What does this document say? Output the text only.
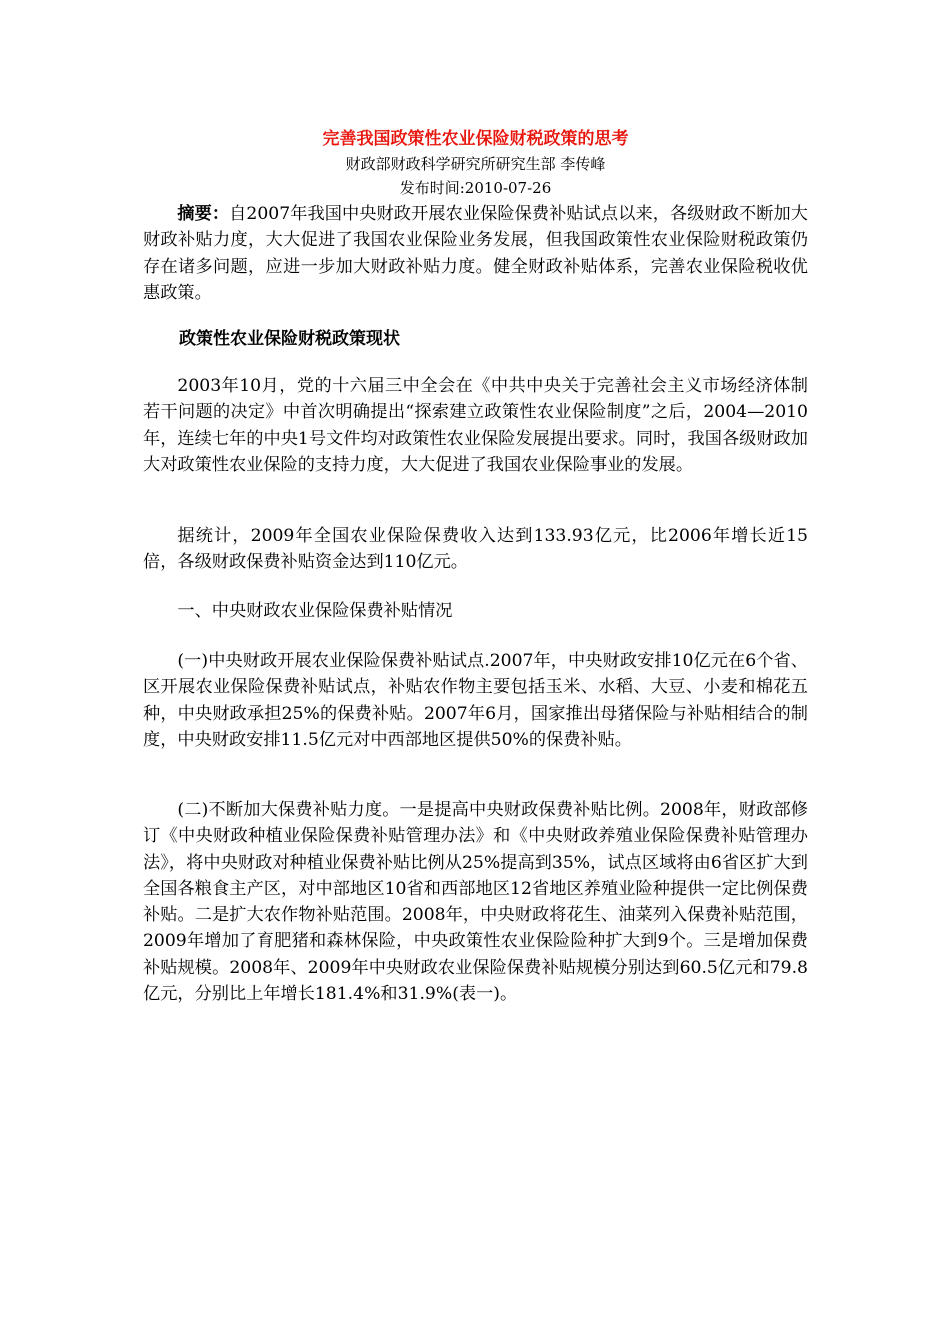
完善我国政策性农业保险财税政策的思考
财政部财政科学研究所研究生部 李传峰
发布时间:2010-07-26

摘要：自2007年我国中央财政开展农业保险保费补贴试点以来，各级财政不断加大财政补贴力度，大大促进了我国农业保险业务发展，但我国政策性农业保险财税政策仍存在诸多问题，应进一步加大财政补贴力度。健全财政补贴体系，完善农业保险税收优惠政策。

政策性农业保险财税政策现状

2003年10月，党的十六届三中全会在《中共中央关于完善社会主义市场经济体制若干问题的决定》中首次明确提出“探索建立政策性农业保险制度”之后，2004—2010年，连续七年的中央1号文件均对政策性农业保险发展提出要求。同时，我国各级财政加大对政策性农业保险的支持力度，大大促进了我国农业保险事业的发展。

据统计，2009年全国农业保险保费收入达到133.93亿元，比2006年增长近15倍，各级财政保费补贴资金达到110亿元。

一、中央财政农业保险保费补贴情况

(一)中央财政开展农业保险保费补贴试点.2007年，中央财政安排10亿元在6个省、区开展农业保险保费补贴试点，补贴农作物主要包括玉米、水稻、大豆、小麦和棉花五种，中央财政承担25%的保费补贴。2007年6月，国家推出母猪保险与补贴相结合的制度，中央财政安排11.5亿元对中西部地区提供50%的保费补贴。

(二)不断加大保费补贴力度。一是提高中央财政保费补贴比例。2008年，财政部修订《中央财政种植业保险保费补贴管理办法》和《中央财政养殖业保险保费补贴管理办法》，将中央财政对种植业保费补贴比例从25%提高到35%，试点区域将由6省区扩大到全国各粮食主产区，对中部地区10省和西部地区12省地区养殖业险种提供一定比例保费补贴。二是扩大农作物补贴范围。2008年，中央财政将花生、油菜列入保费补贴范围，2009年增加了育肥猪和森林保险，中央政策性农业保险险种扩大到9个。三是增加保费补贴规模。2008年、2009年中央财政农业保险保费补贴规模分别达到60.5亿元和79.8亿元，分别比上年增长181.4%和31.9%(表一)。
